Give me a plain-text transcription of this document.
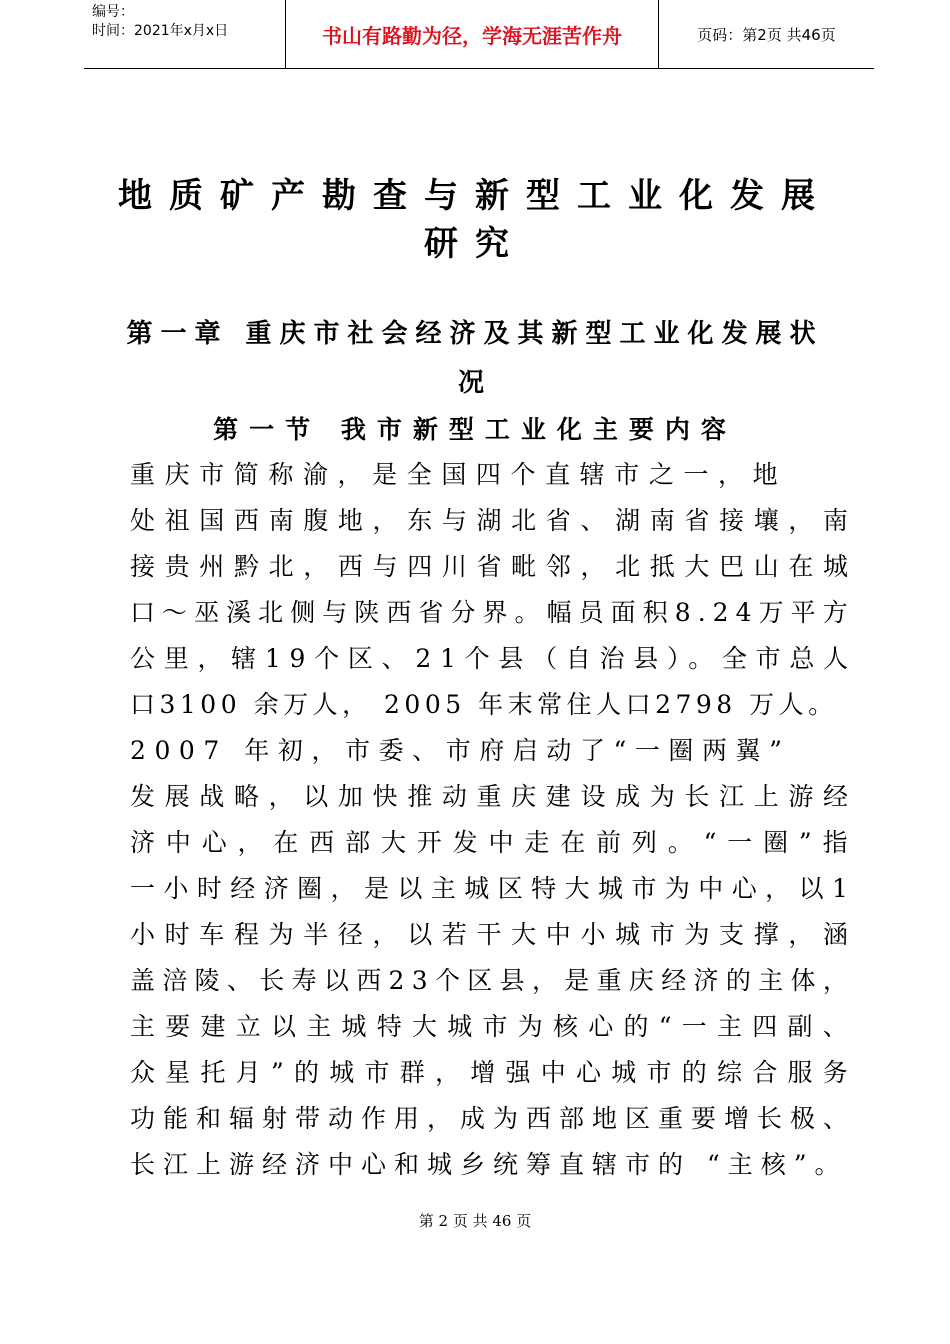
编号：
时间：2021年x月x日	书山有路勤为径，学海无涯苦作舟	页码：第2页 共46页
地质矿产勘查与新型工业化发展
研究
第一章 重庆市社会经济及其新型工业化发展状
况
第一节 我市新型工业化主要内容
重庆市简称渝，是全国四个直辖市之一，地
处祖国西南腹地，东与湖北省、湖南省接壤，南
接贵州黔北，西与四川省毗邻，北抵大巴山在城
口～巫溪北侧与陕西省分界。幅员面积8.24万平方
公里，辖19个区、21个县（自治县）。全市总人
口3100 余万人， 2005 年末常住人口2798 万人。
2007 年初，市委、市府启动了“一圈两翼”
发展战略，以加快推动重庆建设成为长江上游经
济中心，在西部大开发中走在前列。“一圈”指
一小时经济圈，是以主城区特大城市为中心，以1
小时车程为半径，以若干大中小城市为支撑，涵
盖涪陵、长寿以西23个区县，是重庆经济的主体，
主要建立以主城特大城市为核心的“一主四副、
众星托月”的城市群，增强中心城市的综合服务
功能和辐射带动作用，成为西部地区重要增长极、
长江上游经济中心和城乡统筹直辖市的 “主核”。
第 2 页 共 46 页
